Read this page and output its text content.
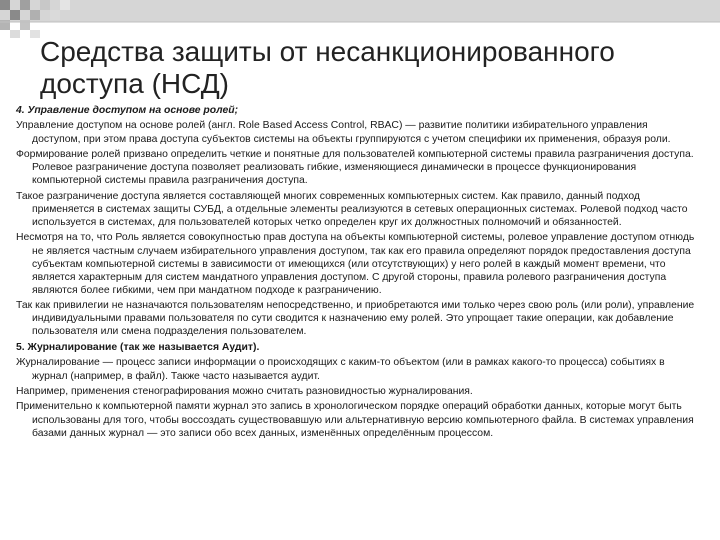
Средства защиты от несанкционированного доступа (НСД)
4. Управление доступом на основе ролей;
Управление доступом на основе ролей (англ. Role Based Access Control, RBAC) — развитие политики избирательного управления доступом, при этом права доступа субъектов системы на объекты группируются с учетом специфики их применения, образуя роли.
Формирование ролей призвано определить четкие и понятные для пользователей компьютерной системы правила разграничения доступа. Ролевое разграничение доступа позволяет реализовать гибкие, изменяющиеся динамически в процессе функционирования компьютерной системы правила разграничения доступа.
Такое разграничение доступа является составляющей многих современных компьютерных систем. Как правило, данный подход применяется в системах защиты СУБД, а отдельные элементы реализуются в сетевых операционных системах. Ролевой подход часто используется в системах, для пользователей которых четко определен круг их должностных полномочий и обязанностей.
Несмотря на то, что Роль является совокупностью прав доступа на объекты компьютерной системы, ролевое управление доступом отнюдь не является частным случаем избирательного управления доступом, так как его правила определяют порядок предоставления доступа субъектам компьютерной системы в зависимости от имеющихся (или отсутствующих) у него ролей в каждый момент времени, что является характерным для систем мандатного управления доступом. С другой стороны, правила ролевого разграничения доступа являются более гибкими, чем при мандатном подходе к разграничению.
Так как привилегии не назначаются пользователям непосредственно, и приобретаются ими только через свою роль (или роли), управление индивидуальными правами пользователя по сути сводится к назначению ему ролей. Это упрощает такие операции, как добавление пользователя или смена подразделения пользователем.
5. Журналирование (так же называется Аудит).
Журналирование — процесс записи информации о происходящих с каким-то объектом (или в рамках какого-то процесса) событиях в журнал (например, в файл). Также часто называется аудит.
Например, применения стенографирования можно считать разновидностью журналирования.
Применительно к компьютерной памяти журнал это запись в хронологическом порядке операций обработки данных, которые могут быть использованы для того, чтобы воссоздать существовавшую или альтернативную версию компьютерного файла. В системах управления базами данных журнал — это записи обо всех данных, изменённых определённым процессом.
